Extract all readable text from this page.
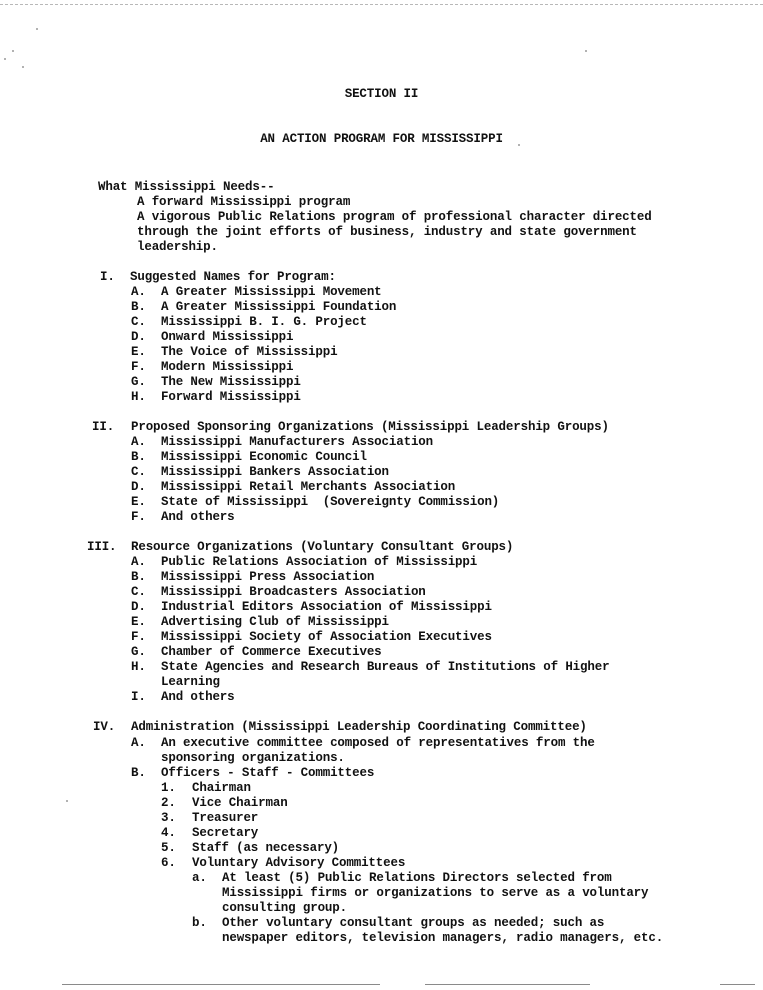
SECTION II
AN ACTION PROGRAM FOR MISSISSIPPI
What Mississippi Needs--
A forward Mississippi program
A vigorous Public Relations program of professional character directed
through the joint efforts of business, industry and state government
leadership.
I. Suggested Names for Program:
A. A Greater Mississippi Movement
B. A Greater Mississippi Foundation
C. Mississippi B. I. G. Project
D. Onward Mississippi
E. The Voice of Mississippi
F. Modern Mississippi
G. The New Mississippi
H. Forward Mississippi
II. Proposed Sponsoring Organizations (Mississippi Leadership Groups)
A. Mississippi Manufacturers Association
B. Mississippi Economic Council
C. Mississippi Bankers Association
D. Mississippi Retail Merchants Association
E. State of Mississippi  (Sovereignty Commission)
F. And others
III. Resource Organizations (Voluntary Consultant Groups)
A. Public Relations Association of Mississippi
B. Mississippi Press Association
C. Mississippi Broadcasters Association
D. Industrial Editors Association of Mississippi
E. Advertising Club of Mississippi
F. Mississippi Society of Association Executives
G. Chamber of Commerce Executives
H. State Agencies and Research Bureaus of Institutions of Higher
Learning
I. And others
IV. Administration (Mississippi Leadership Coordinating Committee)
A. An executive committee composed of representatives from the
sponsoring organizations.
B. Officers - Staff - Committees
1. Chairman
2. Vice Chairman
3. Treasurer
4. Secretary
5. Staff (as necessary)
6. Voluntary Advisory Committees
a. At least (5) Public Relations Directors selected from
Mississippi firms or organizations to serve as a voluntary
consulting group.
b. Other voluntary consultant groups as needed; such as
newspaper editors, television managers, radio managers, etc.
